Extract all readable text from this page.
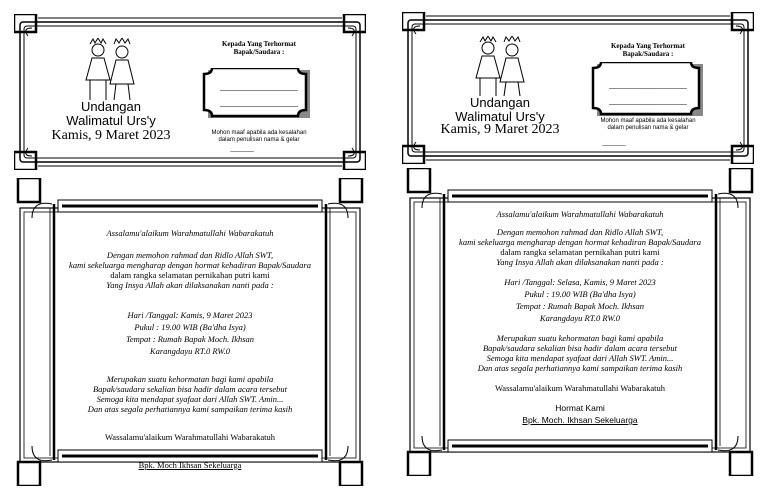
Undangan
Walimatul Urs'y
Kamis, 9 Maret 2023
Kepada Yang Terhormat
Bapak/Saudara :
____________________
____________________
Mohon maaf apabila ada kesalahan
dalam penulisan nama & gelar
_______
Assalamu'alaikum Warahmatullahi Wabarakatuh
Dengan memohon rahmad dan Ridlo Allah SWT,
kami sekeluarga mengharap dengan hormat kehadiran Bapak/Saudara
dalam rangka selamatan pernikahan putri kami
Yang Insya Allah akan dilaksanakan nanti pada :
Hari /Tanggal: Kamis, 9 Maret 2023
Pukul : 19.00 WIB (Ba'dha Isya)
Tempat : Rumah Bapak Moch. Ikhsan
Karangdayu RT.0 RW.0
Merupakan suatu kehormatan bagi kami apabila
Bapak/saudara sekalian bisa hadir dalam acara tersebut
Semoga kita mendapat syafaat dari Allah SWT. Amin...
Dan atas segala perhatiannya kami sampaikan terima kasih
Wassalamu'alaikum Warahmatullahi Wabarakatuh
Bpk. Moch Ikhsan Sekeluarga
Undangan
Walimatul Urs'y
Kamis, 9 Maret 2023
Kepada Yang Terhormat
Bapak/Saudara :
____________________
____________________
Mohon maaf apabila ada kesalahan
dalam penulisan nama & gelar
_______
Assalamu'alaikum Warahmatullahi Wabarakatuh
Dengan memohon rahmad dan Ridlo Allah SWT,
kami sekeluarga mengharap dengan hormat kehadiran Bapak/Saudara
dalam rangka selamatan pernikahan putri kami
Yang Insya Allah akan dilaksanakan nanti pada :
Hari /Tanggal: Selasa, Kamis, 9 Maret 2023
Pukul : 19.00 WIB (Ba'dha Isya)
Tempat : Rumah Bapak Moch. Ikhsan
Karangdayu RT.0 RW.0
Merupakan suatu kehormatan bagi kami apabila
Bapak/saudara sekalian bisa hadir dalam acara tersebut
Semoga kita mendapat syafaat dari Allah SWT. Amin...
Dan atas segala perhatiannya kami sampaikan terima kasih
Wassalamu'alaikum Warahmatullahi Wabarakatuh
Hormat Kami
Bpk. Moch. Ikhsan Sekeluarga
